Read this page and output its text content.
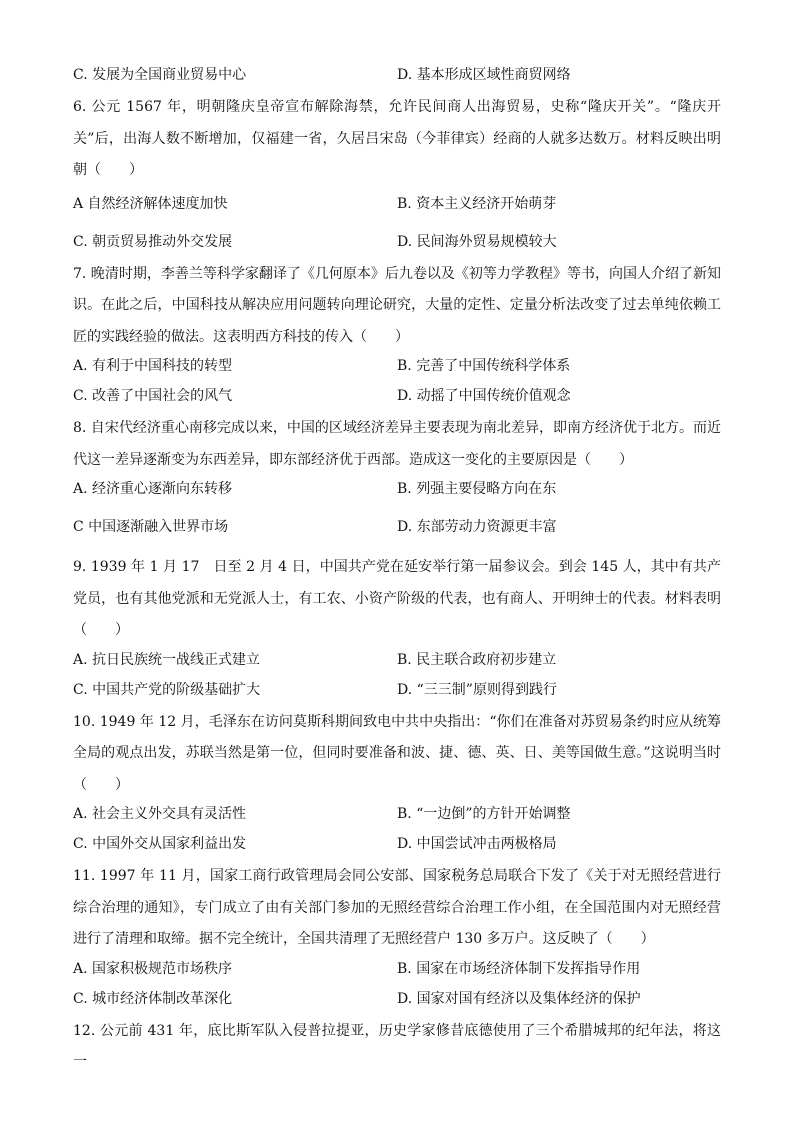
C. 发展为全国商业贸易中心	D. 基本形成区域性商贸网络

6. 公元 1567 年，明朝隆庆皇帝宣布解除海禁，允许民间商人出海贸易，史称“隆庆开关”。“隆庆开关”后，出海人数不断增加，仅福建一省，久居吕宋岛（今菲律宾）经商的人就多达数万。材料反映出明朝（　　）

A 自然经济解体速度加快	B. 资本主义经济开始萌芽
C. 朝贡贸易推动外交发展	D. 民间海外贸易规模较大

7. 晚清时期，李善兰等科学家翻译了《几何原本》后九卷以及《初等力学教程》等书，向国人介绍了新知识。在此之后，中国科技从解决应用问题转向理论研究，大量的定性、定量分析法改变了过去单纯依赖工匠的实践经验的做法。这表明西方科技的传入（　　）

A. 有利于中国科技的转型	B. 完善了中国传统科学体系
C. 改善了中国社会的风气	D. 动摇了中国传统价值观念

8. 自宋代经济重心南移完成以来，中国的区域经济差异主要表现为南北差异，即南方经济优于北方。而近代这一差异逐渐变为东西差异，即东部经济优于西部。造成这一变化的主要原因是（　　）

A. 经济重心逐渐向东转移	B. 列强主要侵略方向在东
C 中国逐渐融入世界市场	D. 东部劳动力资源更丰富

9. 1939 年 1 月 17　日至 2 月 4 日，中国共产党在延安举行第一届参议会。到会 145 人，其中有共产党员，也有其他党派和无党派人士，有工农、小资产阶级的代表，也有商人、开明绅士的代表。材料表明（　　）

A. 抗日民族统一战线正式建立	B. 民主联合政府初步建立
C. 中国共产党的阶级基础扩大	D. “三三制”原则得到践行

10. 1949 年 12 月，毛泽东在访问莫斯科期间致电中共中央指出：“你们在准备对苏贸易条约时应从统筹全局的观点出发，苏联当然是第一位，但同时要准备和波、捷、德、英、日、美等国做生意。”这说明当时（　　）

A. 社会主义外交具有灵活性	B. “一边倒”的方针开始调整
C. 中国外交从国家利益出发	D. 中国尝试冲击两极格局

11. 1997 年 11 月，国家工商行政管理局会同公安部、国家税务总局联合下发了《关于对无照经营进行综合治理的通知》，专门成立了由有关部门参加的无照经营综合治理工作小组，在全国范围内对无照经营进行了清理和取缔。据不完全统计，全国共清理了无照经营户 130 多万户。这反映了（　　）

A. 国家积极规范市场秩序	B. 国家在市场经济体制下发挥指导作用
C. 城市经济体制改革深化	D. 国家对国有经济以及集体经济的保护

12. 公元前 431 年，底比斯军队入侵普拉提亚，历史学家修昔底德使用了三个希腊城邦的纪年法，将这一
